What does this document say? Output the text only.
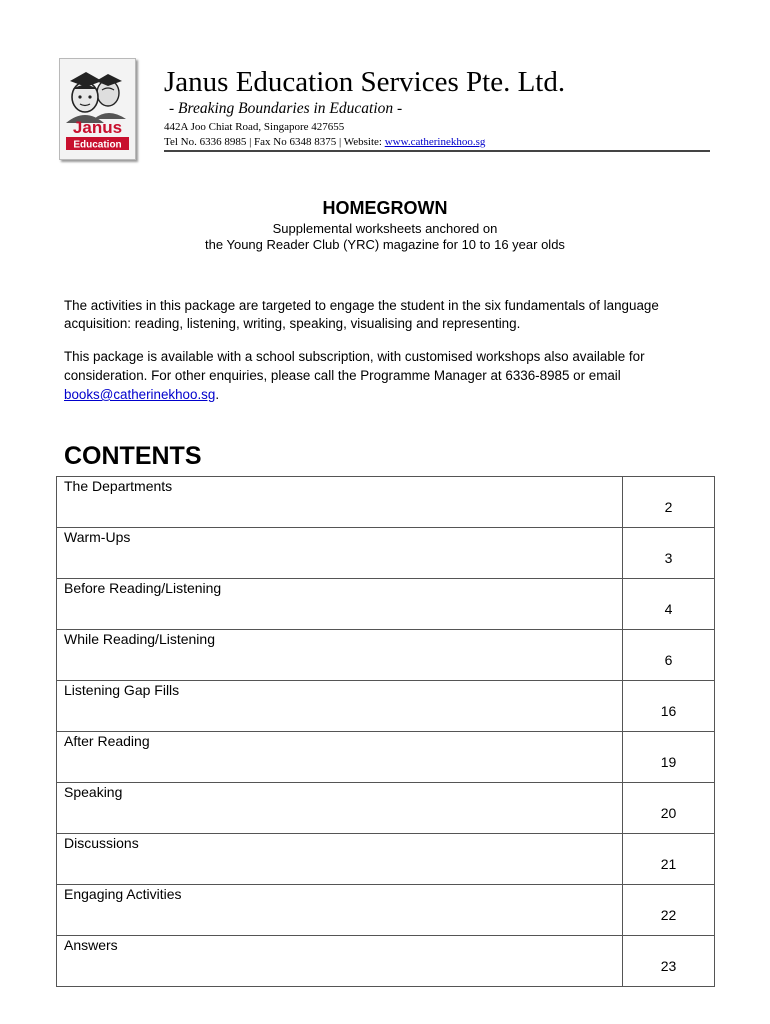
Janus
Education
Janus Education Services Pte. Ltd.
- Breaking Boundaries in Education -
442A Joo Chiat Road, Singapore 427655
Tel No. 6336 8985 | Fax No 6348 8375 | Website: www.catherinekhoo.sg
HOMEGROWN
Supplemental worksheets anchored on
the Young Reader Club (YRC) magazine for 10 to 16 year olds
The activities in this package are targeted to engage the student in the six fundamentals of language acquisition: reading, listening, writing, speaking, visualising and representing.
This package is available with a school subscription, with customised workshops also available for consideration. For other enquiries, please call the Programme Manager at 6336-8985 or email books@catherinekhoo.sg.
CONTENTS
The Departments	2
Warm-Ups	3
Before Reading/Listening	4
While Reading/Listening	6
Listening Gap Fills	16
After Reading	19
Speaking	20
Discussions	21
Engaging Activities	22
Answers	23
